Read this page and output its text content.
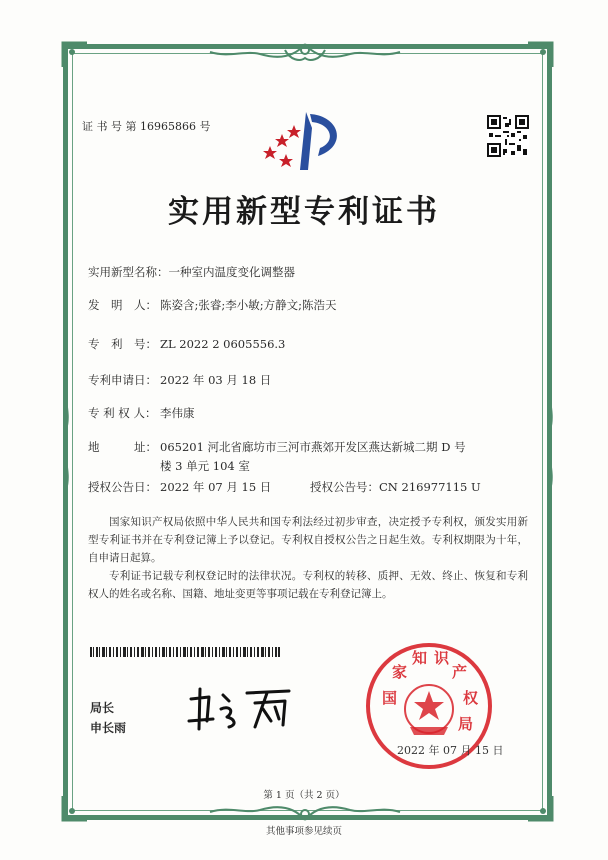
证 书 号 第 16965866 号
实用新型专利证书
实用新型名称：一种室内温度变化调整器
发　明　人： 陈姿含;张睿;李小敏;方静文;陈浩天
专　利　号： ZL 2022 2 0605556.3
专利申请日： 2022 年 03 月 18 日
专 利 权 人： 李伟康
地　　　址： 065201 河北省廊坊市三河市燕郊开发区燕达新城二期 D 号
楼 3 单元 104 室
授权公告日： 2022 年 07 月 15 日	授权公告号：CN 216977115 U
国家知识产权局依照中华人民共和国专利法经过初步审查，决定授予专利权，颁发实用新型专利证书并在专利登记簿上予以登记。专利权自授权公告之日起生效。专利权期限为十年，自申请日起算。
专利证书记载专利权登记时的法律状况。专利权的转移、质押、无效、终止、恢复和专利权人的姓名或名称、国籍、地址变更等事项记载在专利登记簿上。
局长
申长雨
国
家
知 识
产
权
局
2022 年 07 月 15 日
第 1 页（共 2 页）
其他事项参见续页
